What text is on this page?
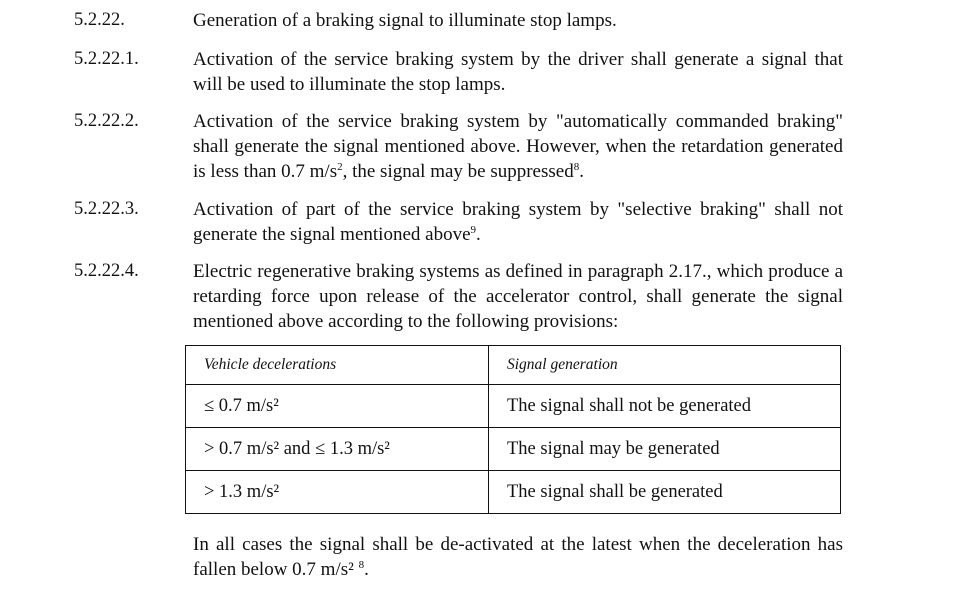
5.2.22.	Generation of a braking signal to illuminate stop lamps.
5.2.22.1.	Activation of the service braking system by the driver shall generate a signal that will be used to illuminate the stop lamps.
5.2.22.2.	Activation of the service braking system by "automatically commanded braking" shall generate the signal mentioned above. However, when the retardation generated is less than 0.7 $m/s^2$, the signal may be suppressed$^8$.
5.2.22.3.	Activation of part of the service braking system by "selective braking" shall not generate the signal mentioned above$^9$.
5.2.22.4.	Electric regenerative braking systems as defined in paragraph 2.17., which produce a retarding force upon release of the accelerator control, shall generate the signal mentioned above according to the following provisions:
Vehicle decelerations	Signal generation
≤ 0.7 m/s²	The signal shall not be generated
> 0.7 m/s² and ≤ 1.3 m/s²	The signal may be generated
> 1.3 m/s²	The signal shall be generated
In all cases the signal shall be de-activated at the latest when the deceleration has fallen below 0.7 m/s² $^8$.
